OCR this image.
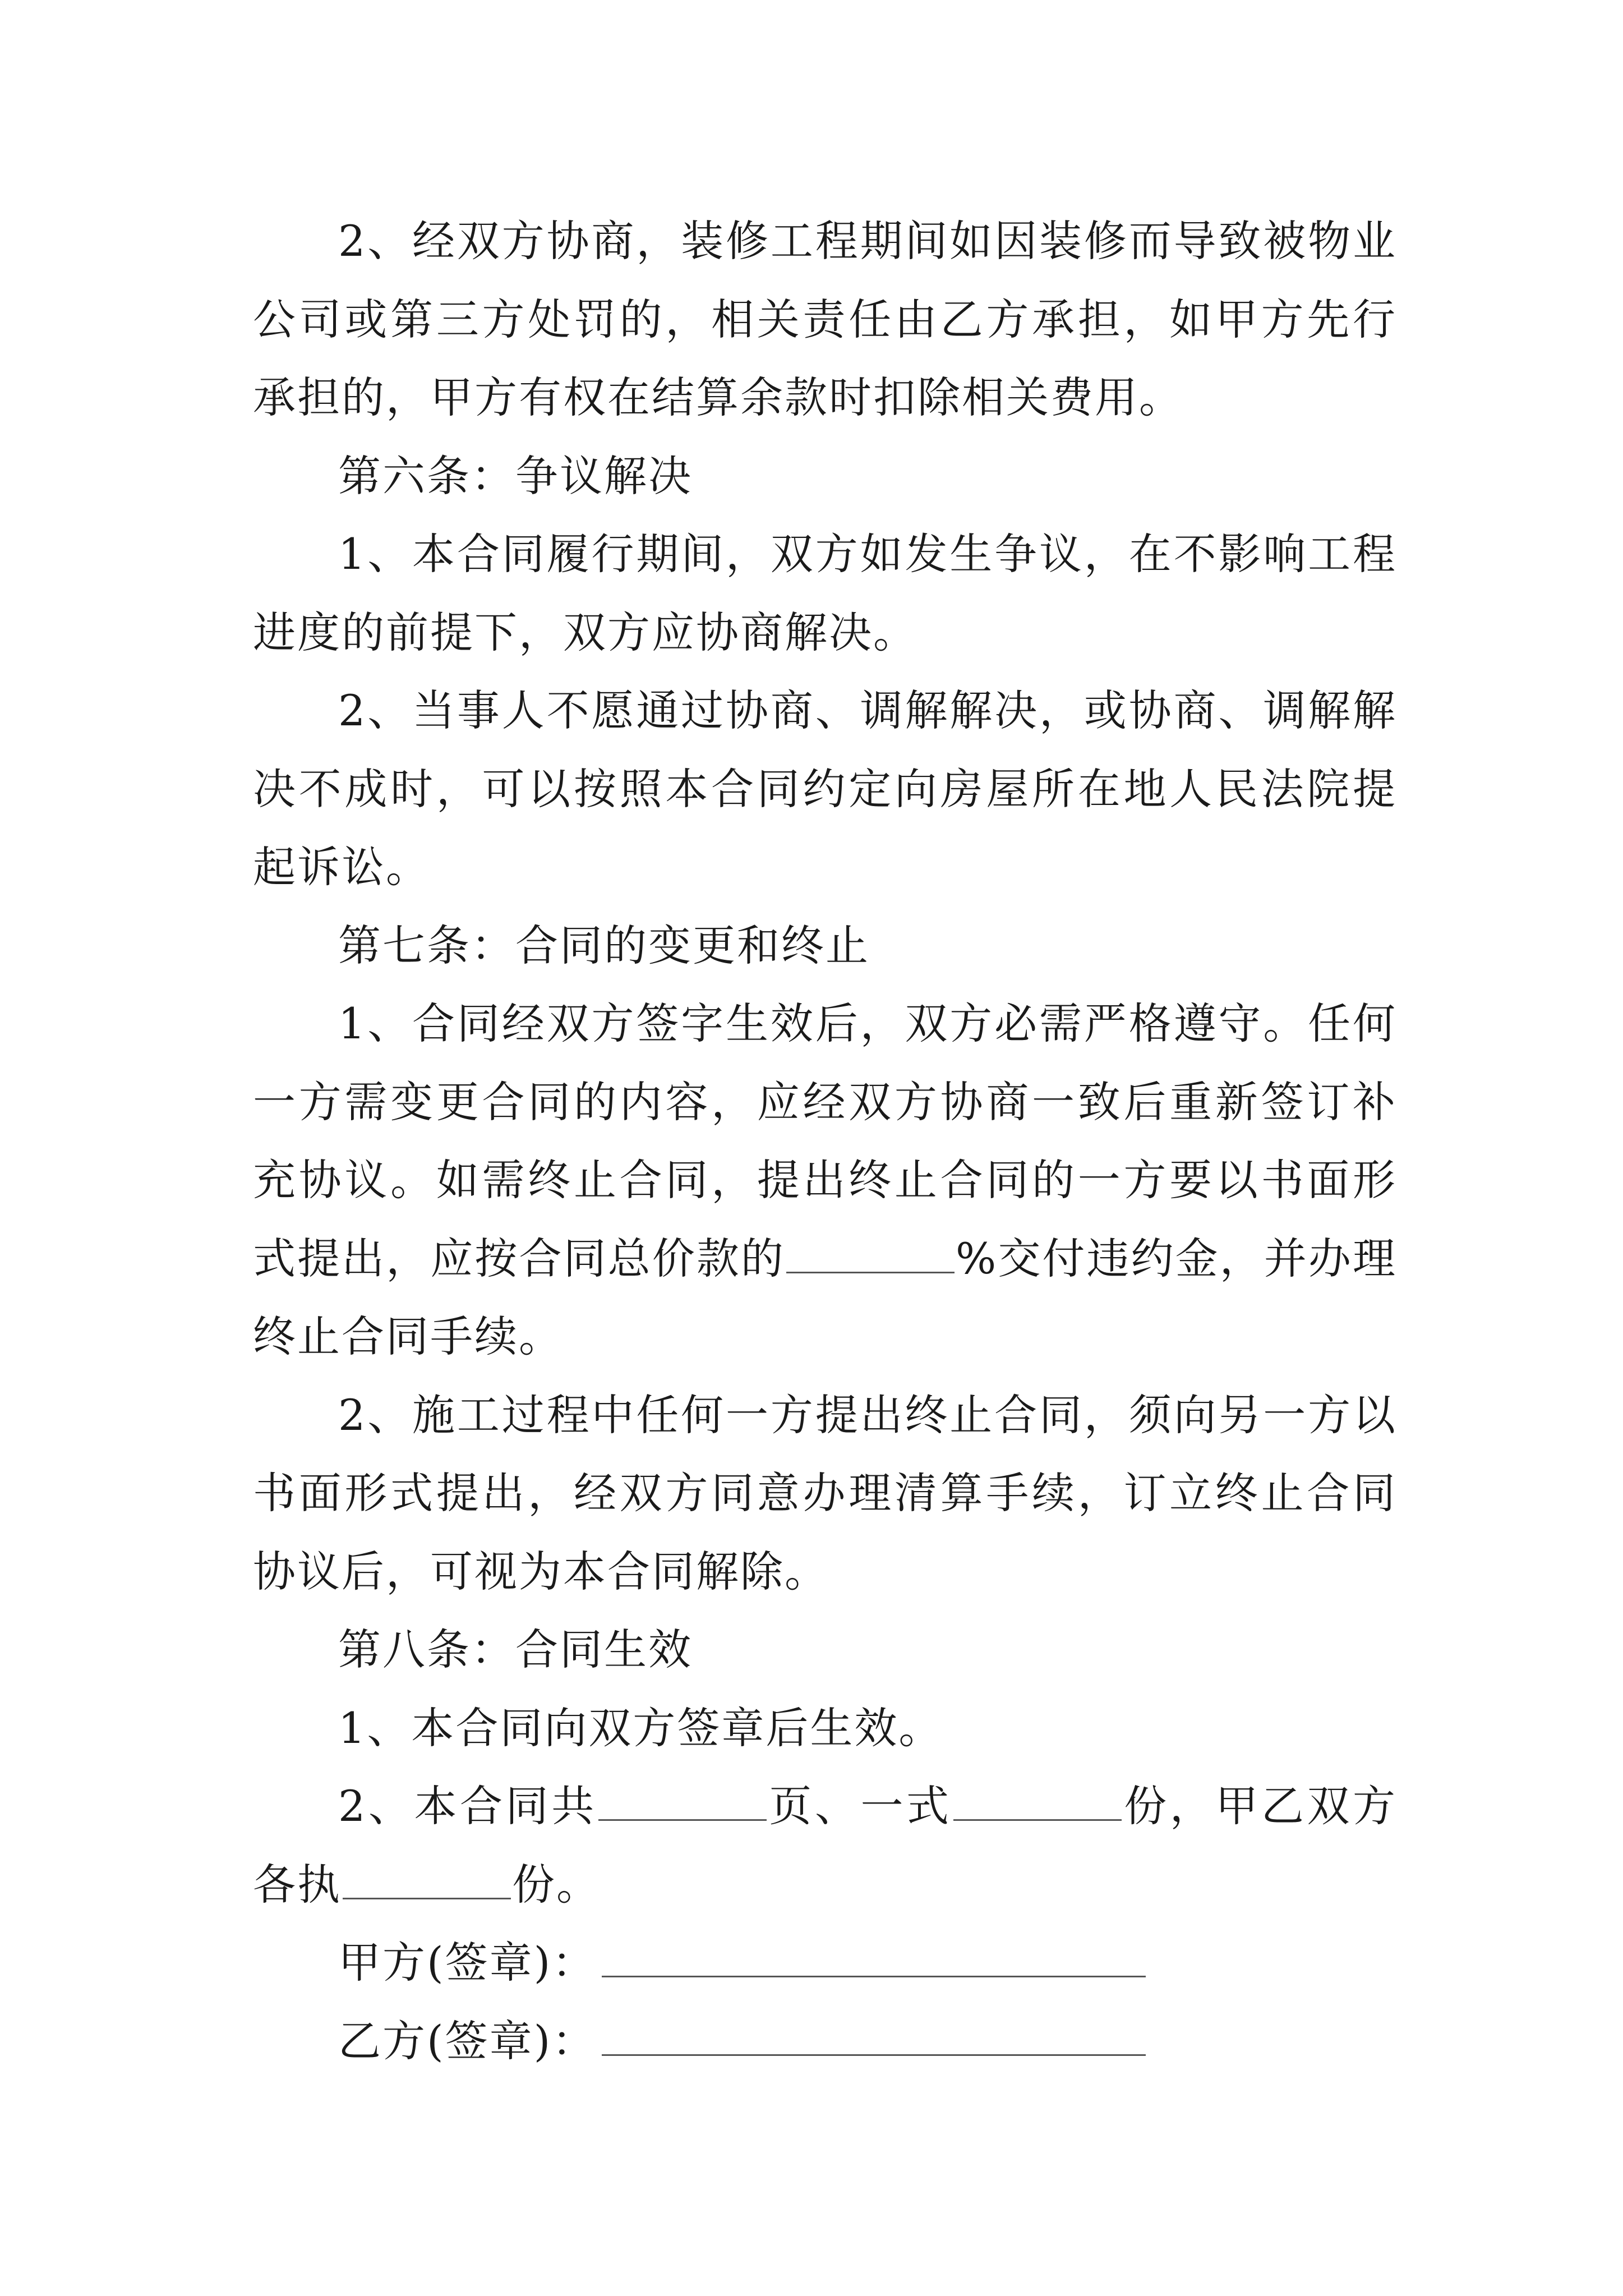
2、经双方协商，装修工程期间如因装修而导致被物业公司或第三方处罚的，相关责任由乙方承担，如甲方先行承担的，甲方有权在结算余款时扣除相关费用。

第六条：争议解决

1、本合同履行期间，双方如发生争议，在不影响工程进度的前提下，双方应协商解决。

2、当事人不愿通过协商、调解解决，或协商、调解解决不成时，可以按照本合同约定向房屋所在地人民法院提起诉讼。

第七条：合同的变更和终止

1、合同经双方签字生效后，双方必需严格遵守。任何一方需变更合同的内容，应经双方协商一致后重新签订补充协议。如需终止合同，提出终止合同的一方要以书面形式提出，应按合同总价款的	%交付违约金，并办理终止合同手续。

2、施工过程中任何一方提出终止合同，须向另一方以书面形式提出，经双方同意办理清算手续，订立终止合同协议后，可视为本合同解除。

第八条：合同生效

1、本合同向双方签章后生效。

2、本合同共	页、一式	份，甲乙双方各执	份。

甲方(签章)：

乙方(签章)：
